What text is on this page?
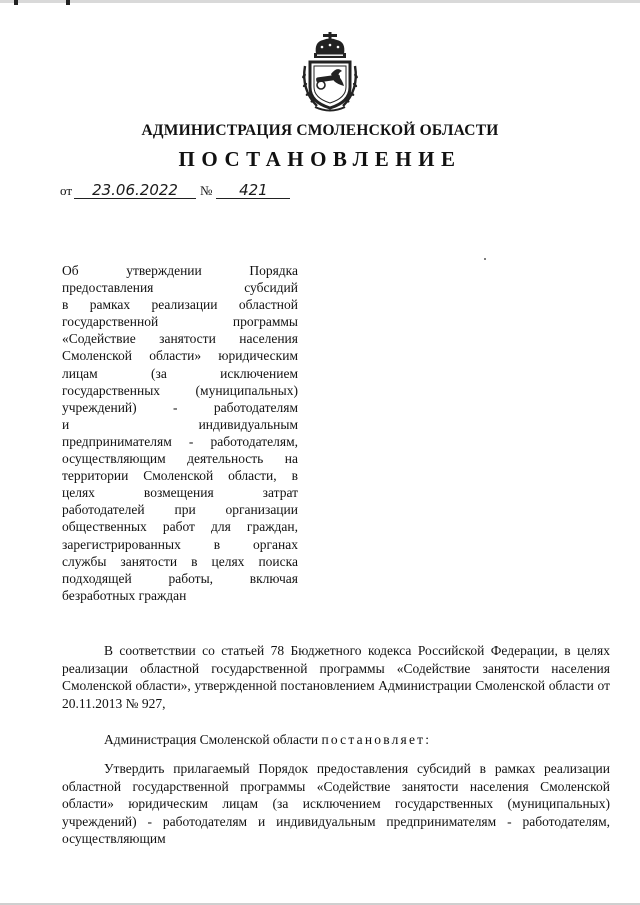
АДМИНИСТРАЦИЯ СМОЛЕНСКОЙ ОБЛАСТИ
ПОСТАНОВЛЕНИЕ
от 23.06.2022 № 421
Об утверждении Порядка
предоставления субсидий
в рамках реализации областной
государственной программы
«Содействие занятости населения
Смоленской области» юридическим
лицам (за исключением
государственных (муниципальных)
учреждений) - работодателям
и индивидуальным
предпринимателям - работодателям,
осуществляющим деятельность на
территории Смоленской области, в
целях возмещения затрат
работодателей при организации
общественных работ для граждан,
зарегистрированных в органах
службы занятости в целях поиска
подходящей работы, включая
безработных граждан
В соответствии со статьей 78 Бюджетного кодекса Российской Федерации, в целях реализации областной государственной программы «Содействие занятости населения Смоленской области», утвержденной постановлением Администрации Смоленской области от 20.11.2013 № 927,
Администрация Смоленской области постановляет:
Утвердить прилагаемый Порядок предоставления субсидий в рамках реализации областной государственной программы «Содействие занятости населения Смоленской области» юридическим лицам (за исключением государственных (муниципальных) учреждений) - работодателям и индивидуальным предпринимателям - работодателям, осуществляющим
